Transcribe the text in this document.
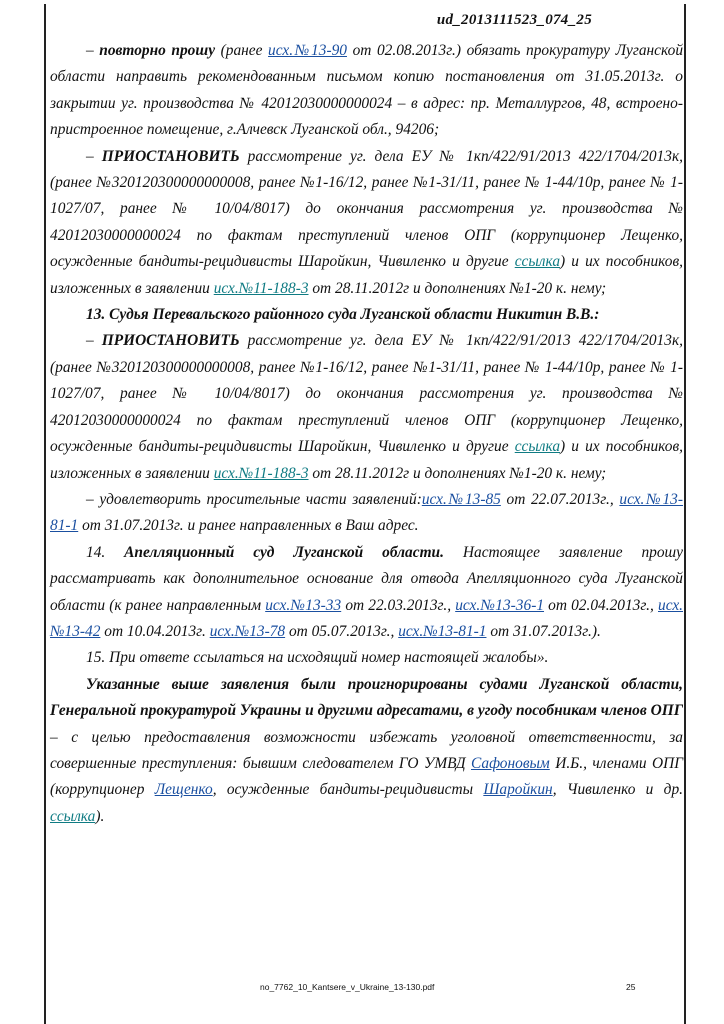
ud_2013111523_074_25

– повторно прошу (ранее исх.№13-90 от 02.08.2013г.) обязать прокуратуру Луганской области направить рекомендованным письмом копию постановления от 31.05.2013г. о закрытии уг. производства № 42012030000000024 – в адрес: пр. Металлургов, 48, встроено-пристроенное помещение, г.Алчевск Луганской обл., 94206;

– ПРИОСТАНОВИТЬ рассмотрение уг. дела ЕУ № 1кп/422/91/2013 422/1704/2013к, (ранее №320120300000000008, ранее №1-16/12, ранее №1-31/11, ранее № 1-44/10р, ранее № 1-1027/07, ранее № 10/04/8017) до окончания рассмотрения уг. производства № 42012030000000024 по фактам преступлений членов ОПГ (коррупционер Лещенко, осужденные бандиты-рецидивисты Шаройкин, Чивиленко и другие ссылка) и их пособников, изложенных в заявлении исх.№11-188-3 от 28.11.2012г и дополнениях №1-20 к. нему;

13. Судья Перевальского районного суда Луганской области Никитин В.В.:

– ПРИОСТАНОВИТЬ рассмотрение уг. дела ЕУ № 1кп/422/91/2013 422/1704/2013к, (ранее №320120300000000008, ранее №1-16/12, ранее №1-31/11, ранее № 1-44/10р, ранее № 1-1027/07, ранее № 10/04/8017) до окончания рассмотрения уг. производства № 42012030000000024 по фактам преступлений членов ОПГ (коррупционер Лещенко, осужденные бандиты-рецидивисты Шаройкин, Чивиленко и другие ссылка) и их пособников, изложенных в заявлении исх.№11-188-3 от 28.11.2012г и дополнениях №1-20 к. нему;

– удовлетворить просительные части заявлений:исх.№13-85 от 22.07.2013г., исх.№13-81-1 от 31.07.2013г. и ранее направленных в Ваш адрес.

14. Апелляционный суд Луганской области. Настоящее заявление прошу рассматривать как дополнительное основание для отвода Апелляционного суда Луганской области (к ранее направленным исх.№13-33 от 22.03.2013г., исх.№13-36-1 от 02.04.2013г., исх.№13-42 от 10.04.2013г. исх.№13-78 от 05.07.2013г., исх.№13-81-1 от 31.07.2013г.).

15. При ответе ссылаться на исходящий номер настоящей жалобы».

Указанные выше заявления были проигнорированы судами Луганской области, Генеральной прокуратурой Украины и другими адресатами, в угоду пособникам членов ОПГ – с целью предоставления возможности избежать уголовной ответственности, за совершенные преступления: бывшим следователем ГО УМВД Сафоновым И.Б., членами ОПГ (коррупционер Лещенко, осужденные бандиты-рецидивисты Шаройкин, Чивиленко и др. ссылка).

no_7762_10_Kantsere_v_Ukraine_13-130.pdf	25
